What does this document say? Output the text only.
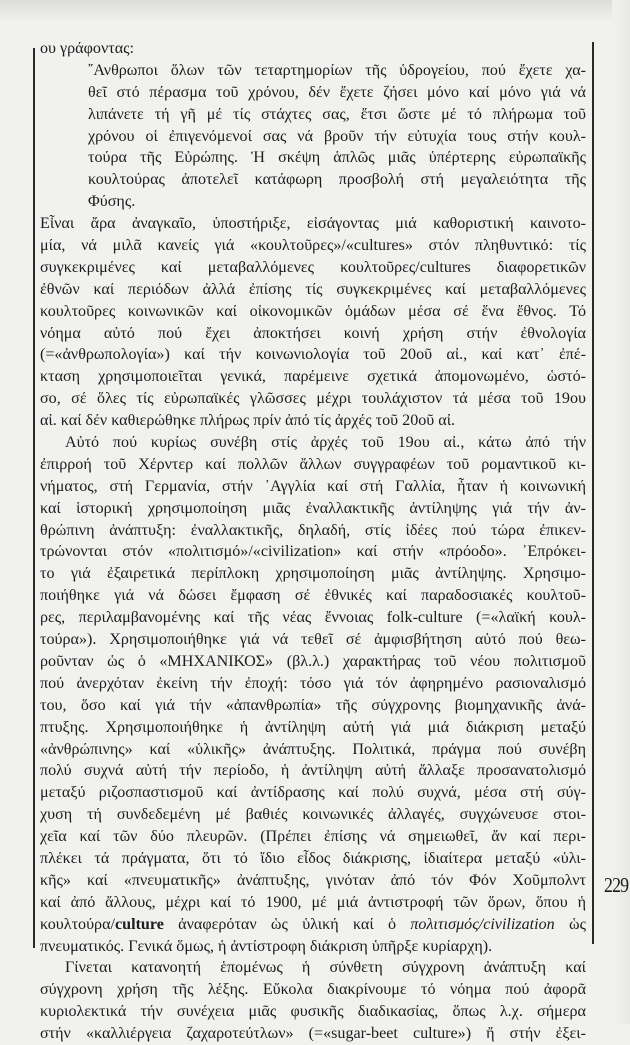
229
ου γράφοντας:
῎Ανθρωποι ὅλων τῶν τεταρτημορίων τῆς ὑδρογείου, πού ἔχετε χα-
θεῖ στό πέρασμα τοῦ χρόνου, δέν ἔχετε ζήσει μόνο καί μόνο γιά νά
λιπάνετε τή γῆ μέ τίς στάχτες σας, ἔτσι ὥστε μέ τό πλήρωμα τοῦ
χρόνου οἱ ἐπιγενόμενοί σας νά βροῦν τήν εὐτυχία τους στήν κουλ-
τούρα τῆς Εὐρώπης. Ἡ σκέψη ἁπλῶς μιᾶς ὑπέρτερης εὐρωπαϊκῆς
κουλτούρας ἀποτελεῖ κατάφωρη προσβολή στή μεγαλειότητα τῆς
Φύσης.
Εἶναι ἄρα ἀναγκαῖο, ὑποστήριξε, εἰσάγοντας μιά καθοριστική καινοτο-
μία, νά μιλᾶ κανείς γιά «κουλτοῦρες»/«cultures» στόν πληθυντικό: τίς
συγκεκριμένες καί μεταβαλλόμενες κουλτοῦρες/cultures διαφορετικῶν
ἐθνῶν καί περιόδων ἀλλά ἐπίσης τίς συγκεκριμένες καί μεταβαλλόμενες
κουλτοῦρες κοινωνικῶν καί οἰκονομικῶν ὁμάδων μέσα σέ ἕνα ἔθνος. Τό
νόημα αὐτό πού ἔχει ἀποκτήσει κοινή χρήση στήν ἐθνολογία
(=«ἀνθρωπολογία») καί τήν κοινωνιολογία τοῦ 20οῦ αἰ., καί κατ᾽ ἐπέ-
κταση χρησιμοποιεῖται γενικά, παρέμεινε σχετικά ἀπομονωμένο, ὡστό-
σο, σέ ὅλες τίς εὐρωπαϊκές γλῶσσες μέχρι τουλάχιστον τά μέσα τοῦ 19ου
αἰ. καί δέν καθιερώθηκε πλήρως πρίν ἀπό τίς ἀρχές τοῦ 20οῦ αἰ.
Αὐτό πού κυρίως συνέβη στίς ἀρχές τοῦ 19ου αἰ., κάτω ἀπό τήν
ἐπιρροή τοῦ Χέρντερ καί πολλῶν ἄλλων συγγραφέων τοῦ ρομαντικοῦ κι-
νήματος, στή Γερμανία, στήν ᾽Αγγλία καί στή Γαλλία, ἦταν ἡ κοινωνική
καί ἱστορική χρησιμοποίηση μιᾶς ἐναλλακτικῆς ἀντίληψης γιά τήν ἀν-
θρώπινη ἀνάπτυξη: ἐναλλακτικῆς, δηλαδή, στίς ἰδέες πού τώρα ἐπικεν-
τρώνονται στόν «πολιτισμό»/«civilization» καί στήν «πρόοδο». ᾽Επρόκει-
το γιά ἐξαιρετικά περίπλοκη χρησιμοποίηση μιᾶς ἀντίληψης. Χρησιμο-
ποιήθηκε γιά νά δώσει ἔμφαση σέ ἐθνικές καί παραδοσιακές κουλτοῦ-
ρες, περιλαμβανομένης καί τῆς νέας ἔννοιας folk-culture (=«λαϊκή κουλ-
τούρα»). Χρησιμοποιήθηκε γιά νά τεθεῖ σέ ἀμφισβήτηση αὐτό πού θεω-
ροῦνταν ὡς ὁ «ΜΗΧΑΝΙΚΟΣ» (βλ.λ.) χαρακτήρας τοῦ νέου πολιτισμοῦ
πού ἀνερχόταν ἐκείνη τήν ἐποχή: τόσο γιά τόν ἀφηρημένο ρασιοναλισμό
του, ὅσο καί γιά τήν «ἀπανθρωπία» τῆς σύγχρονης βιομηχανικῆς ἀνά-
πτυξης. Χρησιμοποιήθηκε ἡ ἀντίληψη αὐτή γιά μιά διάκριση μεταξύ
«ἀνθρώπινης» καί «ὑλικῆς» ἀνάπτυξης. Πολιτικά, πράγμα πού συνέβη
πολύ συχνά αὐτή τήν περίοδο, ἡ ἀντίληψη αὐτή ἄλλαξε προσανατολισμό
μεταξύ ριζοσπαστισμοῦ καί ἀντίδρασης καί πολύ συχνά, μέσα στή σύγ-
χυση τή συνδεδεμένη μέ βαθιές κοινωνικές ἀλλαγές, συγχώνευσε στοι-
χεῖα καί τῶν δύο πλευρῶν. (Πρέπει ἐπίσης νά σημειωθεῖ, ἄν καί περι-
πλέκει τά πράγματα, ὅτι τό ἴδιο εἶδος διάκρισης, ἰδιαίτερα μεταξύ «ὑλι-
κῆς» καί «πνευματικῆς» ἀνάπτυξης, γινόταν ἀπό τόν Φόν Χοῦμπολντ
καί ἀπό ἄλλους, μέχρι καί τό 1900, μέ μιά ἀντιστροφή τῶν ὅρων, ὅπου ἡ
κουλτούρα/culture ἀναφερόταν ὡς ὑλική καί ὁ πολιτισμός/civilization ὡς
πνευματικός. Γενικά ὅμως, ἡ ἀντίστροφη διάκριση ὑπῆρξε κυρίαρχη).
Γίνεται κατανοητή ἑπομένως ἡ σύνθετη σύγχρονη ἀνάπτυξη καί
σύγχρονη χρήση τῆς λέξης. Εὔκολα διακρίνουμε τό νόημα πού ἀφορᾶ
κυριολεκτικά τήν συνέχεια μιᾶς φυσικῆς διαδικασίας, ὅπως λ.χ. σήμερα
στήν «καλλιέργεια ζαχαροτεύτλων» (=«sugar-beet culture») ἤ στήν ἐξει-
